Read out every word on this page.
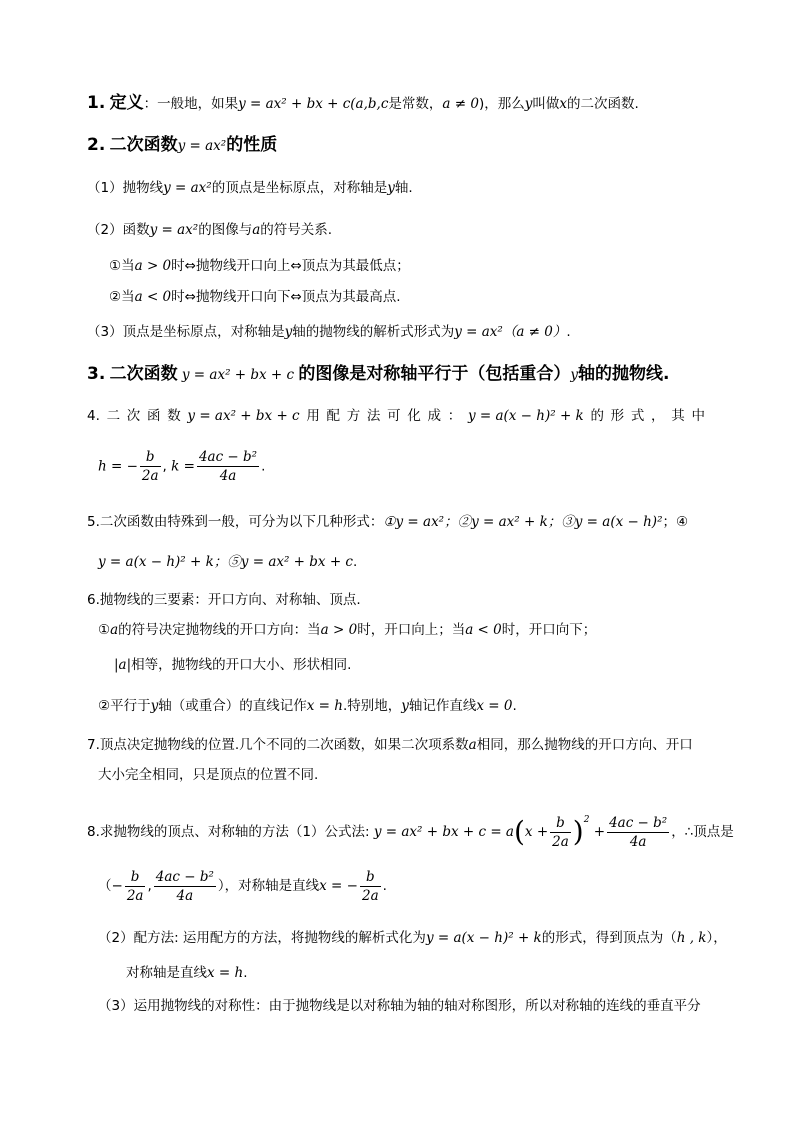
1. 定义：一般地，如果y = ax² + bx + c(a,b,c是常数，a ≠ 0)，那么y叫做x的二次函数.
2. 二次函数y = ax²的性质
（1）抛物线y = ax²的顶点是坐标原点，对称轴是y轴.
（2）函数y = ax²的图像与a的符号关系.
①当a > 0时⇔抛物线开口向上⇔顶点为其最低点；
②当a < 0时⇔抛物线开口向下⇔顶点为其最高点.
（3）顶点是坐标原点，对称轴是y轴的抛物线的解析式形式为y = ax²（a ≠ 0）.
3. 二次函数 y = ax² + bx + c 的图像是对称轴平行于（包括重合）y轴的抛物线.
4. 二 次 函 数 y = ax² + bx + c 用 配 方 法 可 化 成 ： y = a(x − h)² + k 的 形 式 ， 其 中
h = − $\frac{b}{2a}$ , $k = \frac{\text{4ac − b²}}{4a}$ .
5.二次函数由特殊到一般，可分为以下几种形式：①y = ax²；②y = ax² + k；③y = a(x − h)²；④
y = a(x − h)² + k；⑤y = ax² + bx + c.
6.抛物线的三要素：开口方向、对称轴、顶点.
①a的符号决定抛物线的开口方向：当a > 0时，开口向上；当a < 0时，开口向下；
|a|相等，抛物线的开口大小、形状相同.
②平行于y轴（或重合）的直线记作x = h.特别地，y轴记作直线x = 0.
7.顶点决定抛物线的位置.几个不同的二次函数，如果二次项系数a相同，那么抛物线的开口方向、开口
大小完全相同，只是顶点的位置不同.
8.求抛物线的顶点、对称轴的方法（1）公式法: y = ax² + bx + $c = a(x + \frac{b}{2a} )^2 + \frac{\text{4ac − b²}}{4a}$ ，∴顶点是
（− $\frac{b}{2a}$ , $\frac{\text{4ac − b²}}{4a}$ ），对称轴是直线x = − $\frac{b}{2a}$ .
（2）配方法: 运用配方的方法，将抛物线的解析式化为y = a(x − h)² + k的形式，得到顶点为（h , k），
对称轴是直线x = h.
（3）运用抛物线的对称性：由于抛物线是以对称轴为轴的轴对称图形，所以对称轴的连线的垂直平分
